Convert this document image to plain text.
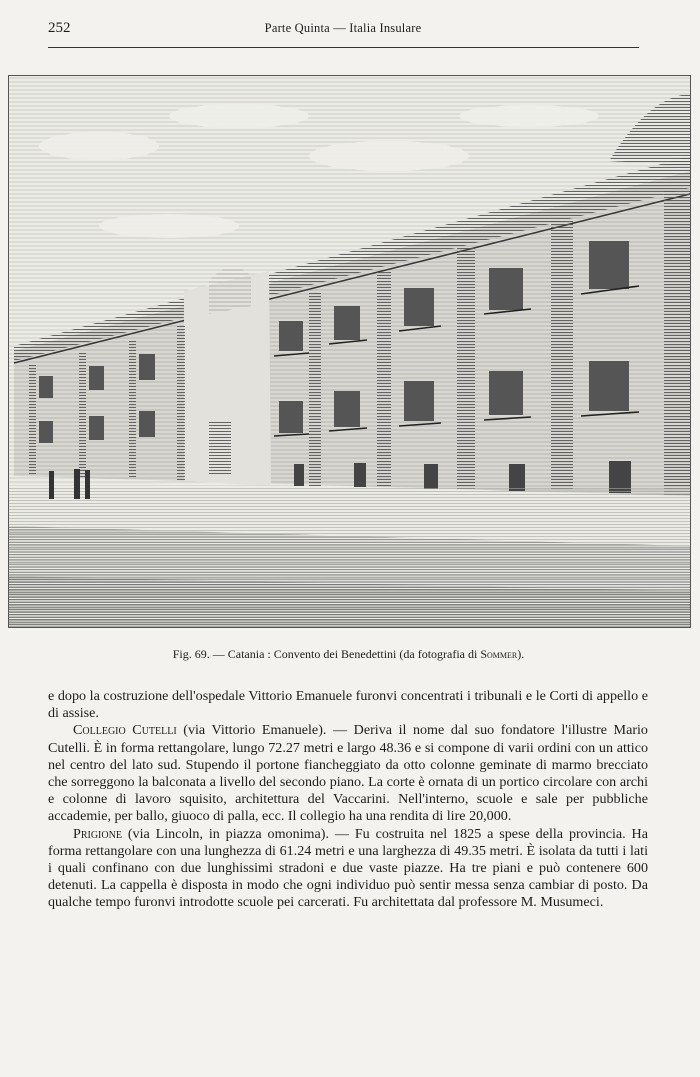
252	Parte Quinta — Italia Insulare
Fig. 69. — Catania : Convento dei Benedettini (da fotografia di Sommer).

e dopo la costruzione dell'ospedale Vittorio Emanuele furonvi concentrati i tribunali e le Corti di appello e di assise.

Collegio Cutelli (via Vittorio Emanuele). — Deriva il nome dal suo fondatore l'illustre Mario Cutelli. È in forma rettangolare, lungo 72.27 metri e largo 48.36 e si compone di varii ordini con un attico nel centro del lato sud. Stupendo il portone fiancheggiato da otto colonne geminate di marmo brecciato che sorreggono la balconata a livello del secondo piano. La corte è ornata di un portico circolare con archi e colonne di lavoro squisito, architettura del Vaccarini. Nell'interno, scuole e sale per pubbliche accademie, per ballo, giuoco di palla, ecc. Il collegio ha una rendita di lire 20,000.

Prigione (via Lincoln, in piazza omonima). — Fu costruita nel 1825 a spese della provincia. Ha forma rettangolare con una lunghezza di 61.24 metri e una larghezza di 49.35 metri. È isolata da tutti i lati i quali confinano con due lunghissimi stradoni e due vaste piazze. Ha tre piani e può contenere 600 detenuti. La cappella è disposta in modo che ogni individuo può sentir messa senza cambiar di posto. Da qualche tempo furonvi introdotte scuole pei carcerati. Fu architettata dal professore M. Musumeci.
